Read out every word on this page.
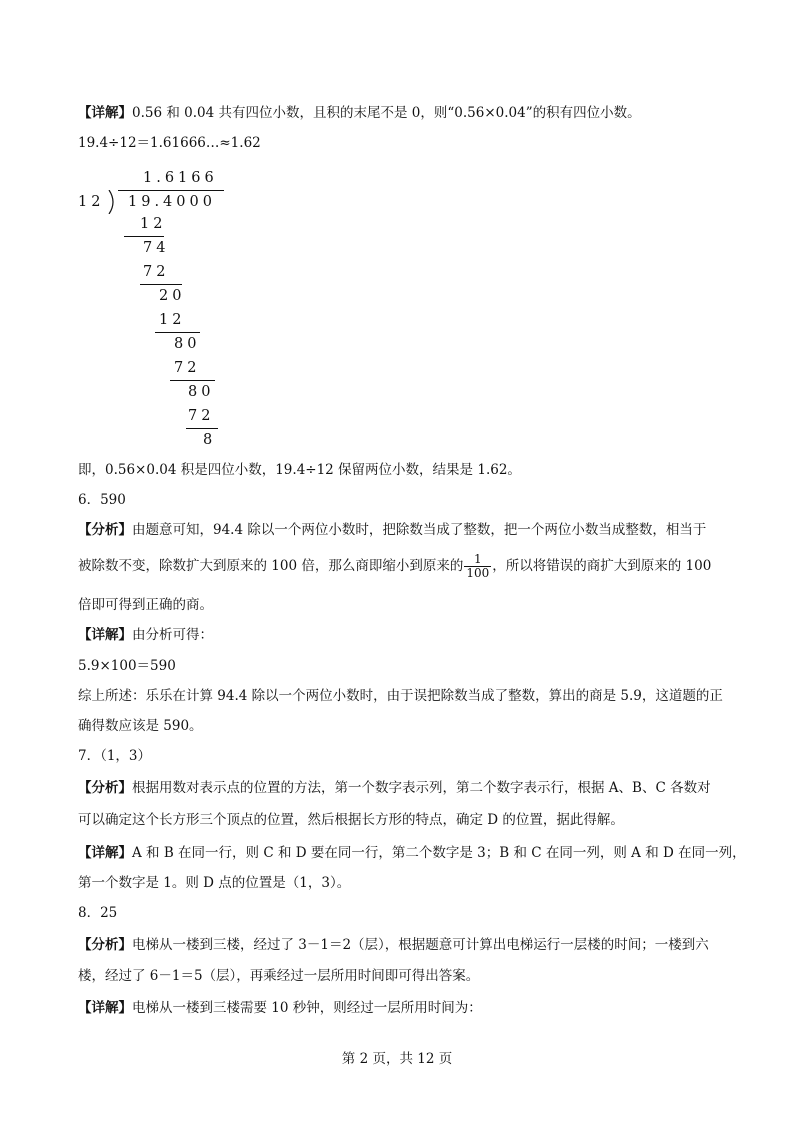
【详解】0.56 和 0.04 共有四位小数，且积的末尾不是 0，则“0.56×0.04”的积有四位小数。
19.4÷12＝1.61666…≈1.62
1.6166
12 19.4000
12
74
72
20
12
80
72
80
72
8
即，0.56×0.04 积是四位小数，19.4÷12 保留两位小数，结果是 1.62。
6．590
【分析】由题意可知，94.4 除以一个两位小数时，把除数当成了整数，把一个两位小数当成整数，相当于
被除数不变，除数扩大到原来的 100 倍，那么商即缩小到原来的 $\frac{1}{100}$ ，所以将错误的商扩大到原来的 100
倍即可得到正确的商。
【详解】由分析可得：
5.9×100＝590
综上所述：乐乐在计算 94.4 除以一个两位小数时，由于误把除数当成了整数，算出的商是 5.9，这道题的正
确得数应该是 590。
7．（1，3）
【分析】根据用数对表示点的位置的方法，第一个数字表示列，第二个数字表示行，根据 A、B、C 各数对
可以确定这个长方形三个顶点的位置，然后根据长方形的特点，确定 D 的位置，据此得解。
【详解】A 和 B 在同一行，则 C 和 D 要在同一行，第二个数字是 3；B 和 C 在同一列，则 A 和 D 在同一列，
第一个数字是 1。则 D 点的位置是（1，3）。
8．25
【分析】电梯从一楼到三楼，经过了 3－1＝2（层），根据题意可计算出电梯运行一层楼的时间；一楼到六
楼，经过了 6－1＝5（层），再乘经过一层所用时间即可得出答案。
【详解】电梯从一楼到三楼需要 10 秒钟，则经过一层所用时间为：
第 2 页，共 12 页
